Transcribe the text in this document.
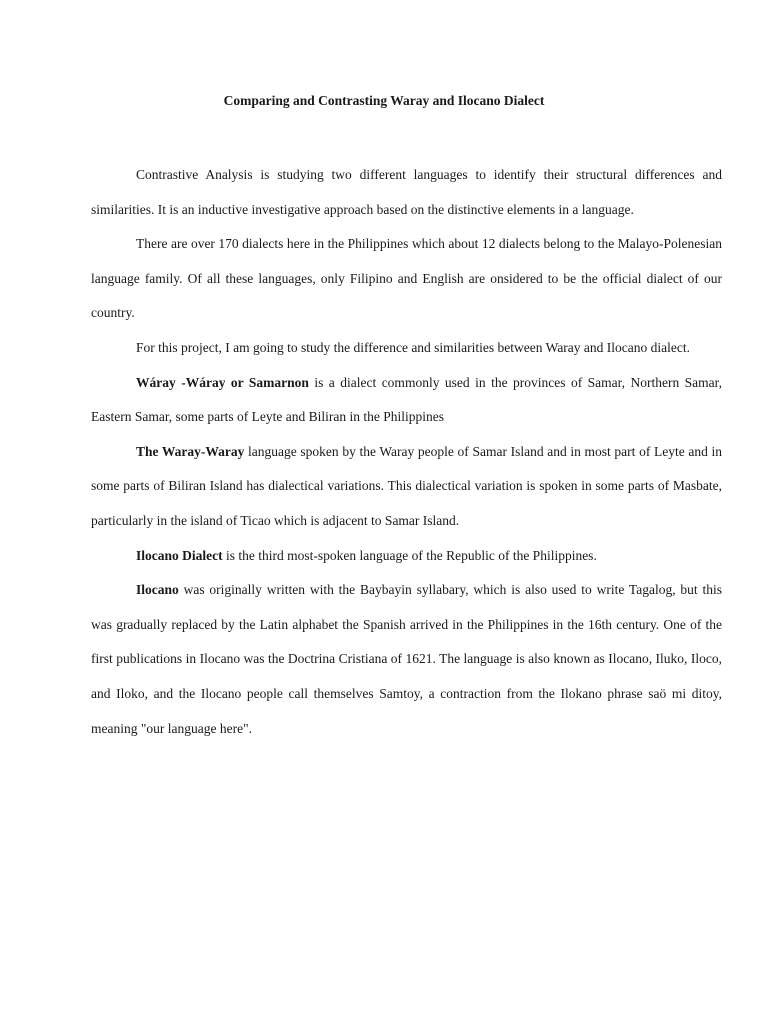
Comparing and Contrasting Waray and Ilocano Dialect

Contrastive Analysis is studying two different languages to identify their structural differences and similarities. It is an inductive investigative approach based on the distinctive elements in a language.

There are over 170 dialects here in the Philippines which about 12 dialects belong to the Malayo-Polenesian language family. Of all these languages, only Filipino and English are onsidered to be the official dialect of our country.

For this project, I am going to study the difference and similarities between Waray and Ilocano dialect.

Wáray -Wáray or Samarnon is a dialect commonly used in the provinces of Samar, Northern Samar, Eastern Samar, some parts of Leyte and Biliran in the Philippines

The Waray-Waray language spoken by the Waray people of Samar Island and in most part of Leyte and in some parts of Biliran Island has dialectical variations. This dialectical variation is spoken in some parts of Masbate, particularly in the island of Ticao which is adjacent to Samar Island.

Ilocano Dialect is the third most-spoken language of the Republic of the Philippines.

Ilocano was originally written with the Baybayin syllabary, which is also used to write Tagalog, but this was gradually replaced by the Latin alphabet the Spanish arrived in the Philippines in the 16th century. One of the first publications in Ilocano was the Doctrina Cristiana of 1621. The language is also known as Ilocano, Iluko, Iloco, and Iloko, and the Ilocano people call themselves Samtoy, a contraction from the Ilokano phrase saö mi ditoy, meaning "our language here".
